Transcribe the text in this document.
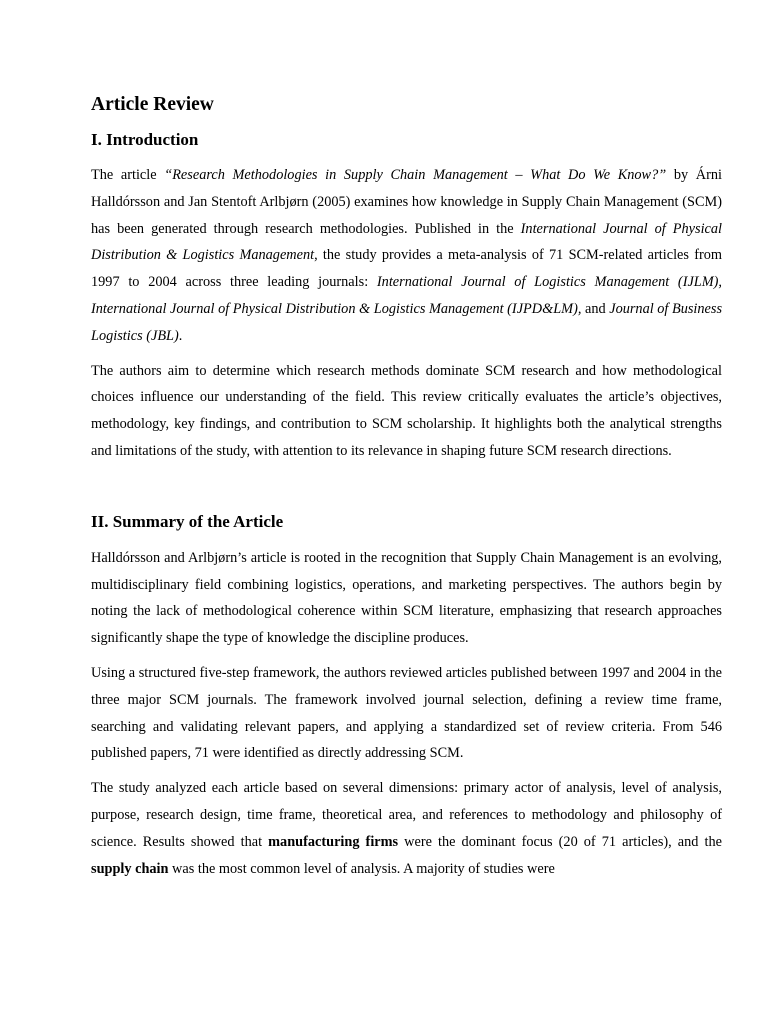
Article Review
I. Introduction

The article “Research Methodologies in Supply Chain Management – What Do We Know?” by Árni Halldórsson and Jan Stentoft Arlbjørn (2005) examines how knowledge in Supply Chain Management (SCM) has been generated through research methodologies. Published in the International Journal of Physical Distribution & Logistics Management, the study provides a meta-analysis of 71 SCM-related articles from 1997 to 2004 across three leading journals: International Journal of Logistics Management (IJLM), International Journal of Physical Distribution & Logistics Management (IJPD&LM), and Journal of Business Logistics (JBL).

The authors aim to determine which research methods dominate SCM research and how methodological choices influence our understanding of the field. This review critically evaluates the article’s objectives, methodology, key findings, and contribution to SCM scholarship. It highlights both the analytical strengths and limitations of the study, with attention to its relevance in shaping future SCM research directions.

II. Summary of the Article

Halldórsson and Arlbjørn’s article is rooted in the recognition that Supply Chain Management is an evolving, multidisciplinary field combining logistics, operations, and marketing perspectives. The authors begin by noting the lack of methodological coherence within SCM literature, emphasizing that research approaches significantly shape the type of knowledge the discipline produces.

Using a structured five-step framework, the authors reviewed articles published between 1997 and 2004 in the three major SCM journals. The framework involved journal selection, defining a review time frame, searching and validating relevant papers, and applying a standardized set of review criteria. From 546 published papers, 71 were identified as directly addressing SCM.

The study analyzed each article based on several dimensions: primary actor of analysis, level of analysis, purpose, research design, time frame, theoretical area, and references to methodology and philosophy of science. Results showed that manufacturing firms were the dominant focus (20 of 71 articles), and the supply chain was the most common level of analysis. A majority of studies were
